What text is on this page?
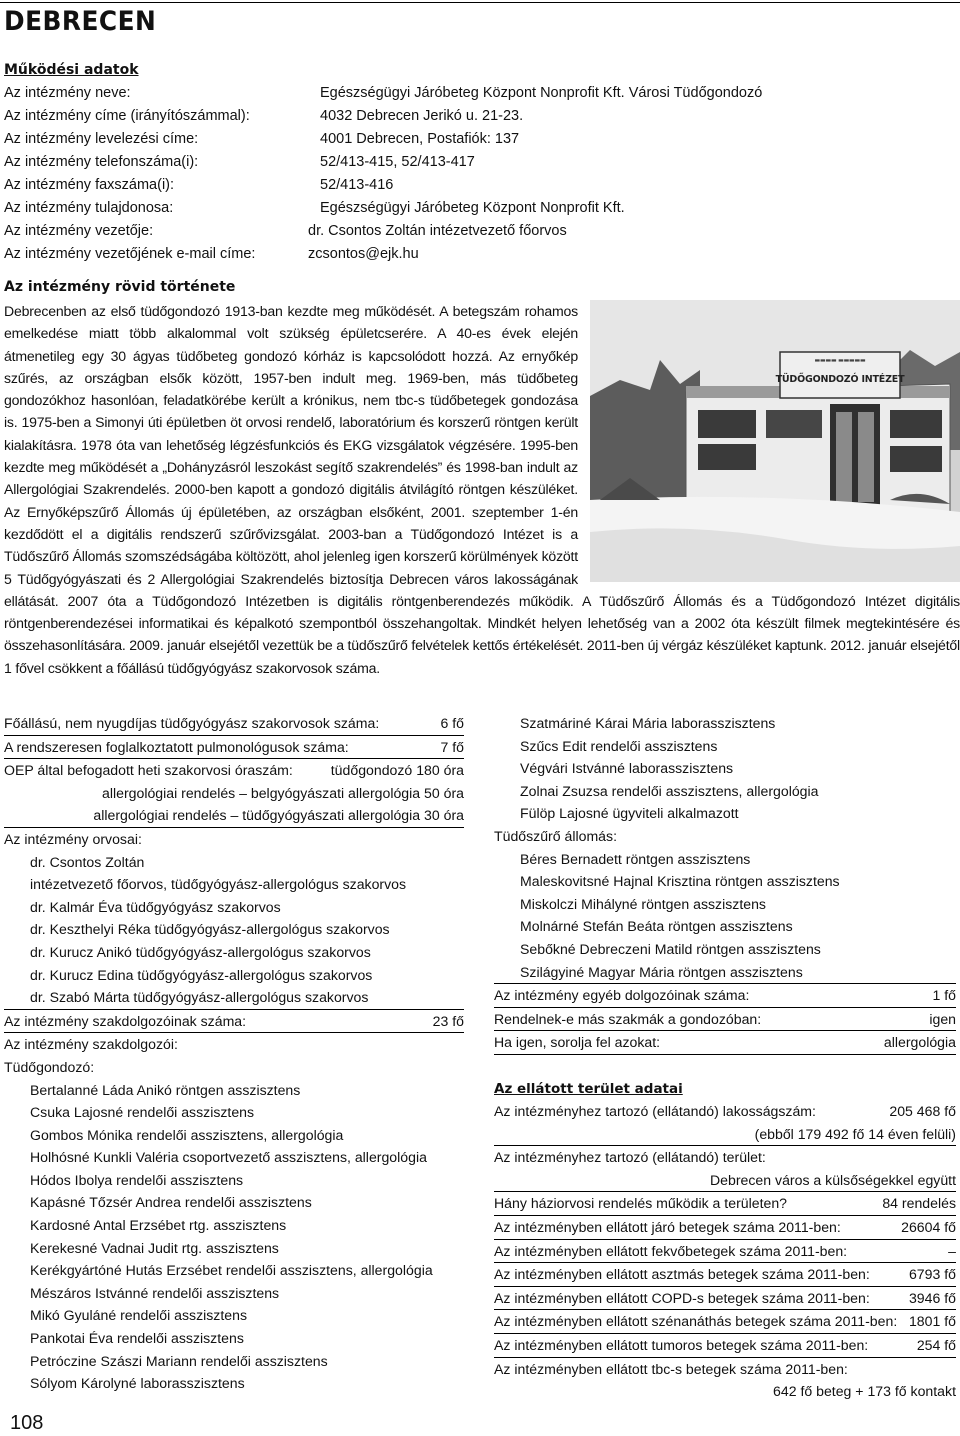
DEBRECEN
Működési adatok
Az intézmény neve:	Egészségügyi Járóbeteg Központ Nonprofit Kft. Városi Tüdőgondozó
Az intézmény címe (irányítószámmal):	4032 Debrecen Jerikó u. 21-23.
Az intézmény levelezési címe:	4001 Debrecen, Postafiók: 137
Az intézmény telefonszáma(i):	52/413-415, 52/413-417
Az intézmény faxszáma(i):	52/413-416
Az intézmény tulajdonosa:	Egészségügyi Járóbeteg Központ Nonprofit Kft.
Az intézmény vezetője:	dr. Csontos Zoltán intézetvezető főorvos
Az intézmény vezetőjének e-mail címe:	zcsontos@ejk.hu
Az intézmény rövid története
▬▬▬▬ ▬▬▬▬▬
TÜDŐGONDOZÓ INTÉZET
Debrecenben az első tüdőgondozó 1913-ban kezdte meg működését. A betegszám rohamos emelkedése miatt több alkalommal volt szükség épületcserére. A 40-es évek elején átmenetileg egy 30 ágyas tüdőbeteg gondozó kórház is kapcsolódott hozzá. Az ernyőkép szűrés, az országban elsők között, 1957-ben indult meg. 1969-ben, más tüdőbeteg gondozókhoz hasonlóan, feladatkörébe került a krónikus, nem tbc-s tüdőbetegek gondozása is. 1975-ben a Simonyi úti épületben öt orvosi rendelő, laboratórium és korszerű röntgen került kialakításra. 1978 óta van lehetőség légzésfunkciós és EKG vizsgálatok végzésére. 1995-ben kezdte meg működését a „Dohányzásról leszokást segítő szakrendelés” és 1998-ban indult az Allergológiai Szakrendelés. 2000-ben kapott a gondozó digitális átvilágító röntgen készüléket. Az Ernyőképszűrő Állomás új épületében, az országban elsőként, 2001. szeptember 1-én kezdődött el a digitális rendszerű szűrővizsgálat. 2003-ban a Tüdőgondozó Intézet is a Tüdőszűrő Állomás szomszédságába költözött, ahol jelenleg igen korszerű körülmények között 5 Tüdőgyógyászati és 2 Allergológiai Szakrendelés biztosítja Debrecen város lakosságának ellátását. 2007 óta a Tüdőgondozó Intézetben is digitális röntgenberendezés működik. A Tüdőszűrő Állomás és a Tüdőgondozó Intézet digitális röntgenberendezései informatikai és képalkotó szempontból összehangoltak. Mindkét helyen lehetőség van a 2002 óta készült filmek megtekintésére és összehasonlítására. 2009. január elsejétől vezettük be a tüdőszűrő felvételek kettős értékelését. 2011-ben új vérgáz készüléket kaptunk. 2012. január elsejétől 1 fővel csökkent a főállású tüdőgyógyász szakorvosok száma.
Főállású, nem nyugdíjas tüdőgyógyász szakorvosok száma:	6 fő
A rendszeresen foglalkoztatott pulmonológusok száma:	7 fő
OEP által befogadott heti szakorvosi óraszám:	tüdőgondozó 180 óra
allergológiai rendelés – belgyógyászati allergológia 50 óra
allergológiai rendelés – tüdőgyógyászati allergológia 30 óra
Az intézmény orvosai:
dr. Csontos Zoltán
intézetvezető főorvos, tüdőgyógyász-allergológus szakorvos
dr. Kalmár Éva tüdőgyógyász szakorvos
dr. Keszthelyi Réka tüdőgyógyász-allergológus szakorvos
dr. Kurucz Anikó tüdőgyógyász-allergológus szakorvos
dr. Kurucz Edina tüdőgyógyász-allergológus szakorvos
dr. Szabó Márta tüdőgyógyász-allergológus szakorvos
Az intézmény szakdolgozóinak száma:	23 fő
Az intézmény szakdolgozói:
Tüdőgondozó:
Bertalanné Láda Anikó röntgen asszisztens
Csuka Lajosné rendelői asszisztens
Gombos Mónika rendelői asszisztens, allergológia
Holhósné Kunkli Valéria csoportvezető asszisztens, allergológia
Hódos Ibolya rendelői asszisztens
Kapásné Tőzsér Andrea rendelői asszisztens
Kardosné Antal Erzsébet rtg. asszisztens
Kerekesné Vadnai Judit rtg. asszisztens
Kerékgyártóné Hutás Erzsébet rendelői asszisztens, allergológia
Mészáros Istvánné rendelői asszisztens
Mikó Gyuláné rendelői asszisztens
Pankotai Éva rendelői asszisztens
Petróczine Szászi Mariann rendelői asszisztens
Sólyom Károlyné laborasszisztens
Szatmáriné Kárai Mária laborasszisztens
Szűcs Edit rendelői asszisztens
Végvári Istvánné laborasszisztens
Zolnai Zsuzsa rendelői asszisztens, allergológia
Fülöp Lajosné ügyviteli alkalmazott
Tüdőszűrő állomás:
Béres Bernadett röntgen asszisztens
Maleskovitsné Hajnal Krisztina röntgen asszisztens
Miskolczi Mihályné röntgen asszisztens
Molnárné Stefán Beáta röntgen asszisztens
Sebőkné Debreczeni Matild röntgen asszisztens
Szilágyiné Magyar Mária röntgen asszisztens
Az intézmény egyéb dolgozóinak száma:	1 fő
Rendelnek-e más szakmák a gondozóban:	igen
Ha igen, sorolja fel azokat:	allergológia
Az ellátott terület adatai
Az intézményhez tartozó (ellátandó) lakosságszám:	205 468 fő
(ebből 179 492 fő 14 éven felüli)
Az intézményhez tartozó (ellátandó) terület:
Debrecen város a külsőségekkel együtt
Hány háziorvosi rendelés működik a területen?	84 rendelés
Az intézményben ellátott járó betegek száma 2011-ben:	26604 fő
Az intézményben ellátott fekvőbetegek száma 2011-ben:	–
Az intézményben ellátott asztmás betegek száma 2011-ben:	6793 fő
Az intézményben ellátott COPD-s betegek száma 2011-ben:	3946 fő
Az intézményben ellátott szénanáthás betegek száma 2011-ben: 1801 fő
Az intézményben ellátott tumoros betegek száma 2011-ben:	254 fő
Az intézményben ellátott tbc-s betegek száma 2011-ben:
642 fő beteg + 173 fő kontakt
108
